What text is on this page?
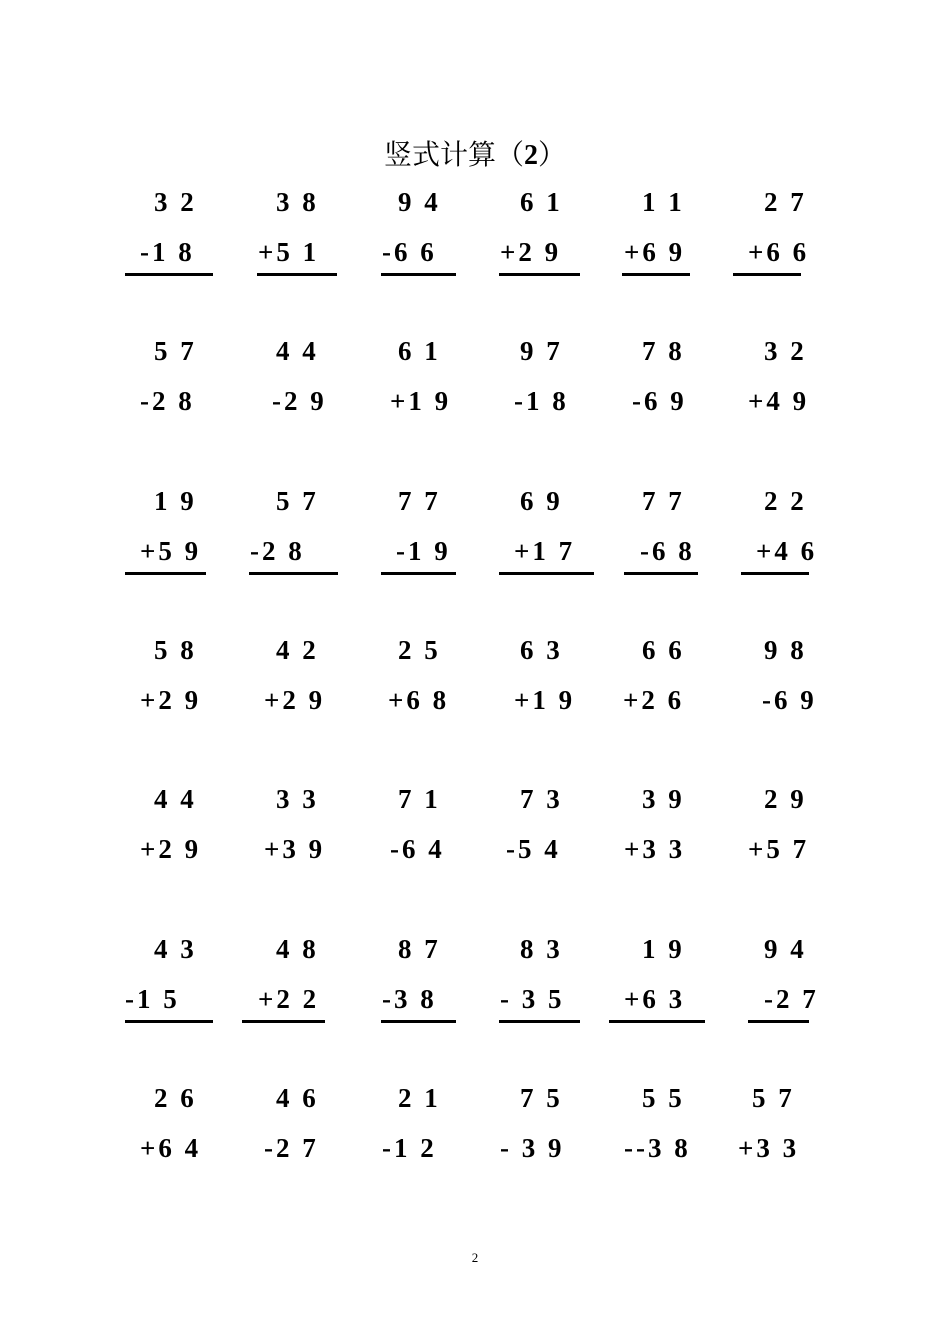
竖式计算（2）
3 2
-1 8
3 8
+5 1
9 4
-6 6
6 1
+2 9
1 1
+6 9
2 7
+6 6
5 7
-2 8
4 4
-2 9
6 1
+1 9
9 7
-1 8
7 8
-6 9
3 2
+4 9
1 9
+5 9
5 7
-2 8
7 7
-1 9
6 9
+1 7
7 7
-6 8
2 2
+4 6
5 8
+2 9
4 2
+2 9
2 5
+6 8
6 3
+1 9
6 6
+2 6
9 8
-6 9
4 4
+2 9
3 3
+3 9
7 1
-6 4
7 3
-5 4
3 9
+3 3
2 9
+5 7
4 3
-1 5
4 8
+2 2
8 7
-3 8
8 3
- 3 5
1 9
+6 3
9 4
-2 7
2 6
+6 4
4 6
-2 7
2 1
-1 2
7 5
- 3 9
5 5
--3 8
5 7
+3 3
2
